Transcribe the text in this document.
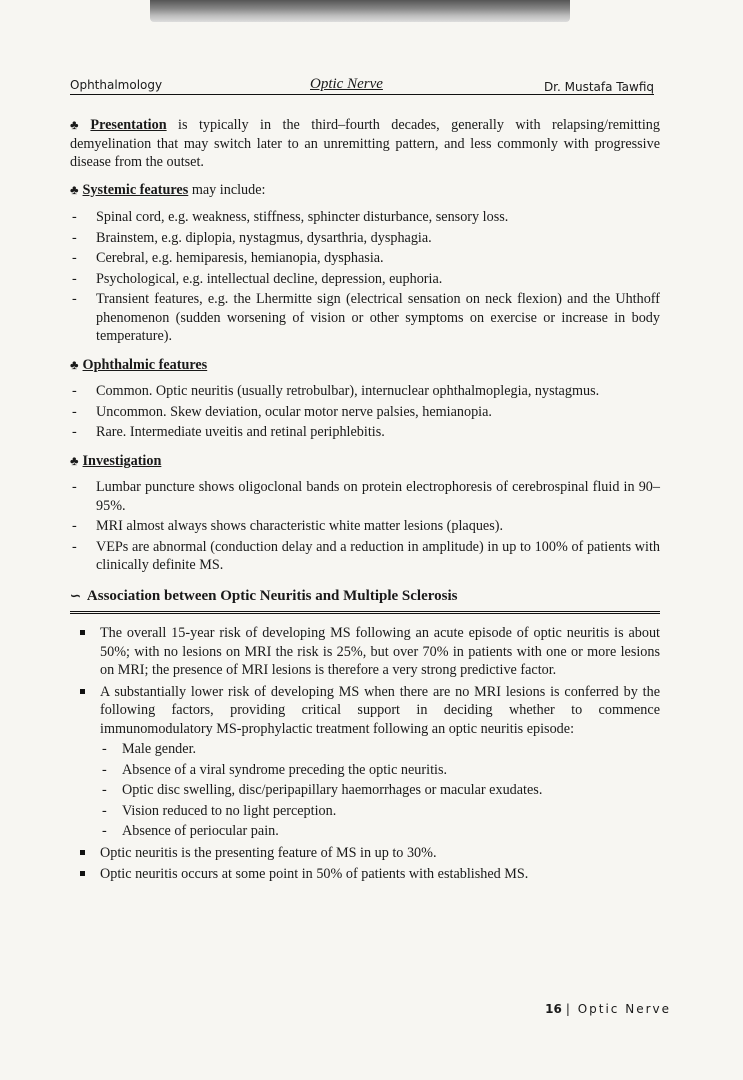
Ophthalmology	Optic Nerve	Dr. Mustafa Tawfiq

♣ Presentation is typically in the third–fourth decades, generally with relapsing/remitting demyelination that may switch later to an unremitting pattern, and less commonly with progressive disease from the outset.

♣ Systemic features may include:

- Spinal cord, e.g. weakness, stiffness, sphincter disturbance, sensory loss.
- Brainstem, e.g. diplopia, nystagmus, dysarthria, dysphagia.
- Cerebral, e.g. hemiparesis, hemianopia, dysphasia.
- Psychological, e.g. intellectual decline, depression, euphoria.
- Transient features, e.g. the Lhermitte sign (electrical sensation on neck flexion) and the Uhthoff phenomenon (sudden worsening of vision or other symptoms on exercise or increase in body temperature).
♣ Ophthalmic features
- Common. Optic neuritis (usually retrobulbar), internuclear ophthalmoplegia, nystagmus.
- Uncommon. Skew deviation, ocular motor nerve palsies, hemianopia.
- Rare. Intermediate uveitis and retinal periphlebitis.
♣ Investigation
- Lumbar puncture shows oligoclonal bands on protein electrophoresis of cerebrospinal fluid in 90–95%.
- MRI almost always shows characteristic white matter lesions (plaques).
- VEPs are abnormal (conduction delay and a reduction in amplitude) in up to 100% of patients with clinically definite MS.
∽ Association between Optic Neuritis and Multiple Sclerosis
The overall 15-year risk of developing MS following an acute episode of optic neuritis is about 50%; with no lesions on MRI the risk is 25%, but over 70% in patients with one or more lesions on MRI; the presence of MRI lesions is therefore a very strong predictive factor.
A substantially lower risk of developing MS when there are no MRI lesions is conferred by the following factors, providing critical support in deciding whether to commence immunomodulatory MS-prophylactic treatment following an optic neuritis episode:
- Male gender.
- Absence of a viral syndrome preceding the optic neuritis.
- Optic disc swelling, disc/peripapillary haemorrhages or macular exudates.
- Vision reduced to no light perception.
- Absence of periocular pain.
Optic neuritis is the presenting feature of MS in up to 30%.
Optic neuritis occurs at some point in 50% of patients with established MS.
16 | Optic Nerve
